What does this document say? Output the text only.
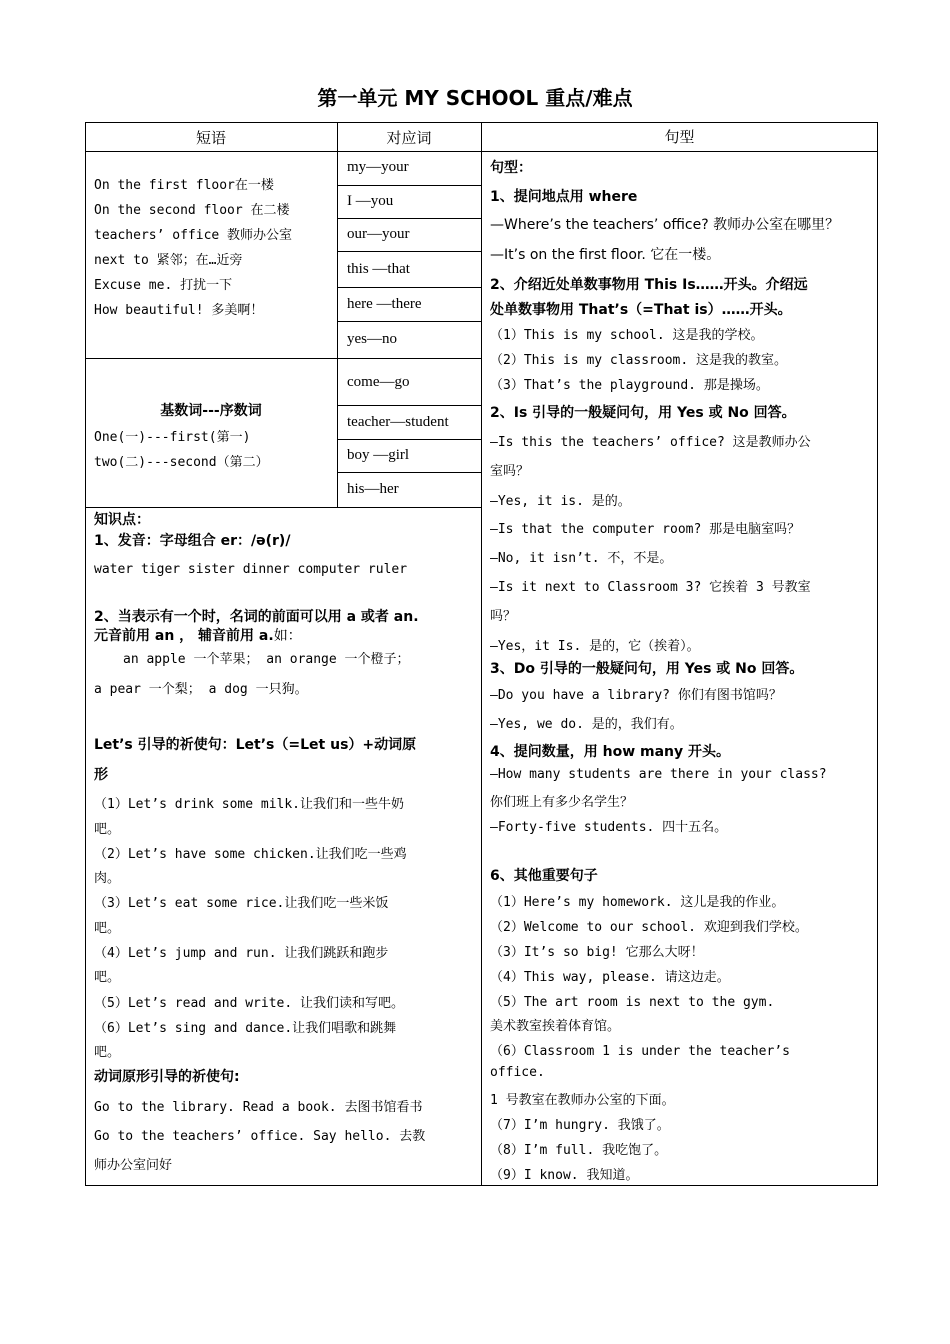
第一单元 MY SCHOOL 重点/难点
短语	对应词	句型
On the first floor在一楼
On the second floor 在二楼
teachers’ office 教师办公室
next to 紧邻；在…近旁
Excuse me. 打扰一下
How beautiful! 多美啊！
基数词---序数词
One(一)---first(第一)
two(二)---second（第二）
my—your
I —you
our—your
this —that
here —there
yes—no
come—go
teacher—student
boy —girl
his—her
知识点：
1、发音：字母组合 er：/ə(r)/
water tiger sister dinner computer ruler
2、当表示有一个时，名词的前面可以用 a 或者 an.
元音前用 an ， 辅音前用 a.如：
an apple 一个苹果； an orange 一个橙子；
a pear 一个梨； a dog 一只狗。
Let’s 引导的祈使句：Let’s（=Let us）+动词原
形
（1）Let’s drink some milk.让我们和一些牛奶
吧。
（2）Let’s have some chicken.让我们吃一些鸡
肉。
（3）Let’s eat some rice.让我们吃一些米饭
吧。
（4）Let’s jump and run. 让我们跳跃和跑步
吧。
（5）Let’s read and write. 让我们读和写吧。
（6）Let’s sing and dance.让我们唱歌和跳舞
吧。
动词原形引导的祈使句:
Go to the library. Read a book. 去图书馆看书
Go to the teachers’ office. Say hello. 去教
师办公室问好
句型：
1、提问地点用 where
—Where’s the teachers’ office? 教师办公室在哪里？
—It’s on the first floor. 它在一楼。
2、介绍近处单数事物用 This Is……开头。介绍远
处单数事物用 That’s（=That is）……开头。
（1）This is my school. 这是我的学校。
（2）This is my classroom. 这是我的教室。
（3）That’s the playground. 那是操场。
2、Is 引导的一般疑问句，用 Yes 或 No 回答。
—Is this the teachers’ office? 这是教师办公
室吗？
—Yes, it is. 是的。
—Is that the computer room? 那是电脑室吗？
—No, it isn’t. 不，不是。
—Is it next to Classroom 3? 它挨着 3 号教室
吗？
—Yes，it Is. 是的，它（挨着）。
3、Do 引导的一般疑问句，用 Yes 或 No 回答。
—Do you have a library? 你们有图书馆吗？
—Yes, we do. 是的，我们有。
4、提问数量，用 how many 开头。
—How many students are there in your class?
你们班上有多少名学生？
—Forty-five students. 四十五名。
6、其他重要句子
（1）Here’s my homework. 这儿是我的作业。
（2）Welcome to our school. 欢迎到我们学校。
（3）It’s so big! 它那么大呀！
（4）This way, please. 请这边走。
（5）The art room is next to the gym.
美术教室挨着体育馆。
（6）Classroom 1 is under the teacher’s
office.
1 号教室在教师办公室的下面。
（7）I’m hungry. 我饿了。
（8）I’m full. 我吃饱了。
（9）I know. 我知道。
